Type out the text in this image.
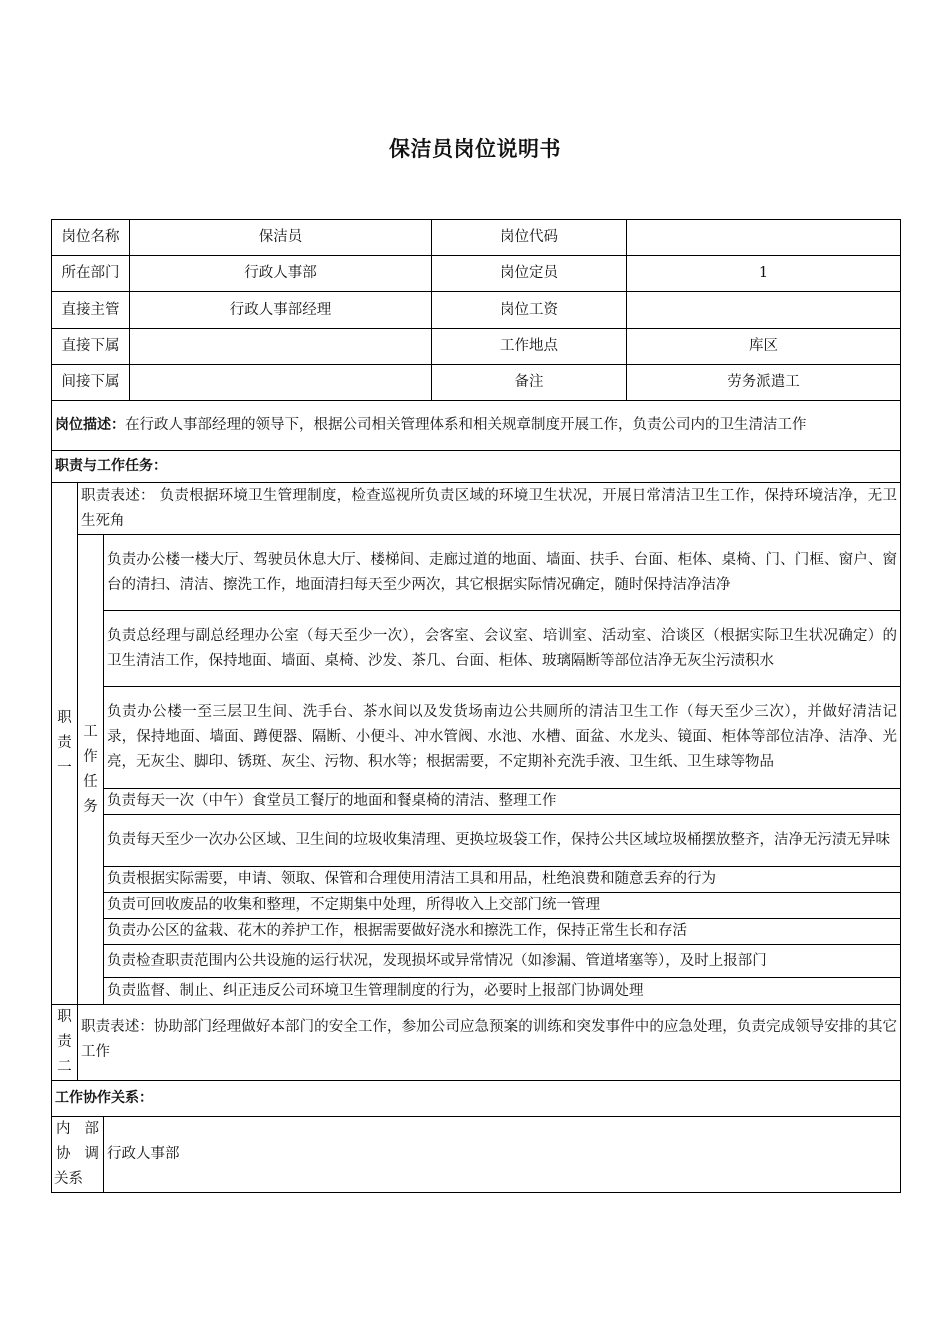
保洁员岗位说明书
岗位名称			保洁员	岗位代码	
所在部门			行政人事部	岗位定员	1
直接主管			行政人事部经理	岗位工资	
直接下属				工作地点	库区
间接下属				备注	劳务派遣工
岗位描述：在行政人事部经理的领导下，根据公司相关管理体系和相关规章制度开展工作，负责公司内的卫生清洁工作					
职责与工作任务：					
职责一	职责表述： 负责根据环境卫生管理制度，检查巡视所负责区域的环境卫生状况，开展日常清洁卫生工作，保持环境洁净，无卫生死角				
	工作任务	负责办公楼一楼大厅、驾驶员休息大厅、楼梯间、走廊过道的地面、墙面、扶手、台面、柜体、桌椅、门、门框、窗户、窗台的清扫、清洁、擦洗工作，地面清扫每天至少两次，其它根据实际情况确定，随时保持洁净洁净			
		负责总经理与副总经理办公室（每天至少一次），会客室、会议室、培训室、活动室、洽谈区（根据实际卫生状况确定）的卫生清洁工作，保持地面、墙面、桌椅、沙发、茶几、台面、柜体、玻璃隔断等部位洁净无灰尘污渍积水			
		负责办公楼一至三层卫生间、洗手台、茶水间以及发货场南边公共厕所的清洁卫生工作（每天至少三次），并做好清洁记录，保持地面、墙面、蹲便器、隔断、小便斗、冲水管阀、水池、水槽、面盆、水龙头、镜面、柜体等部位洁净、洁净、光亮，无灰尘、脚印、锈斑、灰尘、污物、积水等；根据需要，不定期补充洗手液、卫生纸、卫生球等物品			
		负责每天一次（中午）食堂员工餐厅的地面和餐桌椅的清洁、整理工作			
		负责每天至少一次办公区域、卫生间的垃圾收集清理、更换垃圾袋工作，保持公共区域垃圾桶摆放整齐，洁净无污渍无异味			
		负责根据实际需要，申请、领取、保管和合理使用清洁工具和用品，杜绝浪费和随意丢弃的行为			
		负责可回收废品的收集和整理，不定期集中处理，所得收入上交部门统一管理			
		负责办公区的盆栽、花木的养护工作，根据需要做好浇水和擦洗工作，保持正常生长和存活			
		负责检查职责范围内公共设施的运行状况，发现损坏或异常情况（如渗漏、管道堵塞等），及时上报部门			
		负责监督、制止、纠正违反公司环境卫生管理制度的行为，必要时上报部门协调处理			
职责二	职责表述：协助部门经理做好本部门的安全工作，参加公司应急预案的训练和突发事件中的应急处理，负责完成领导安排的其它工作				
工作协作关系：					

内 部
协 调
关系		行政人事部			
